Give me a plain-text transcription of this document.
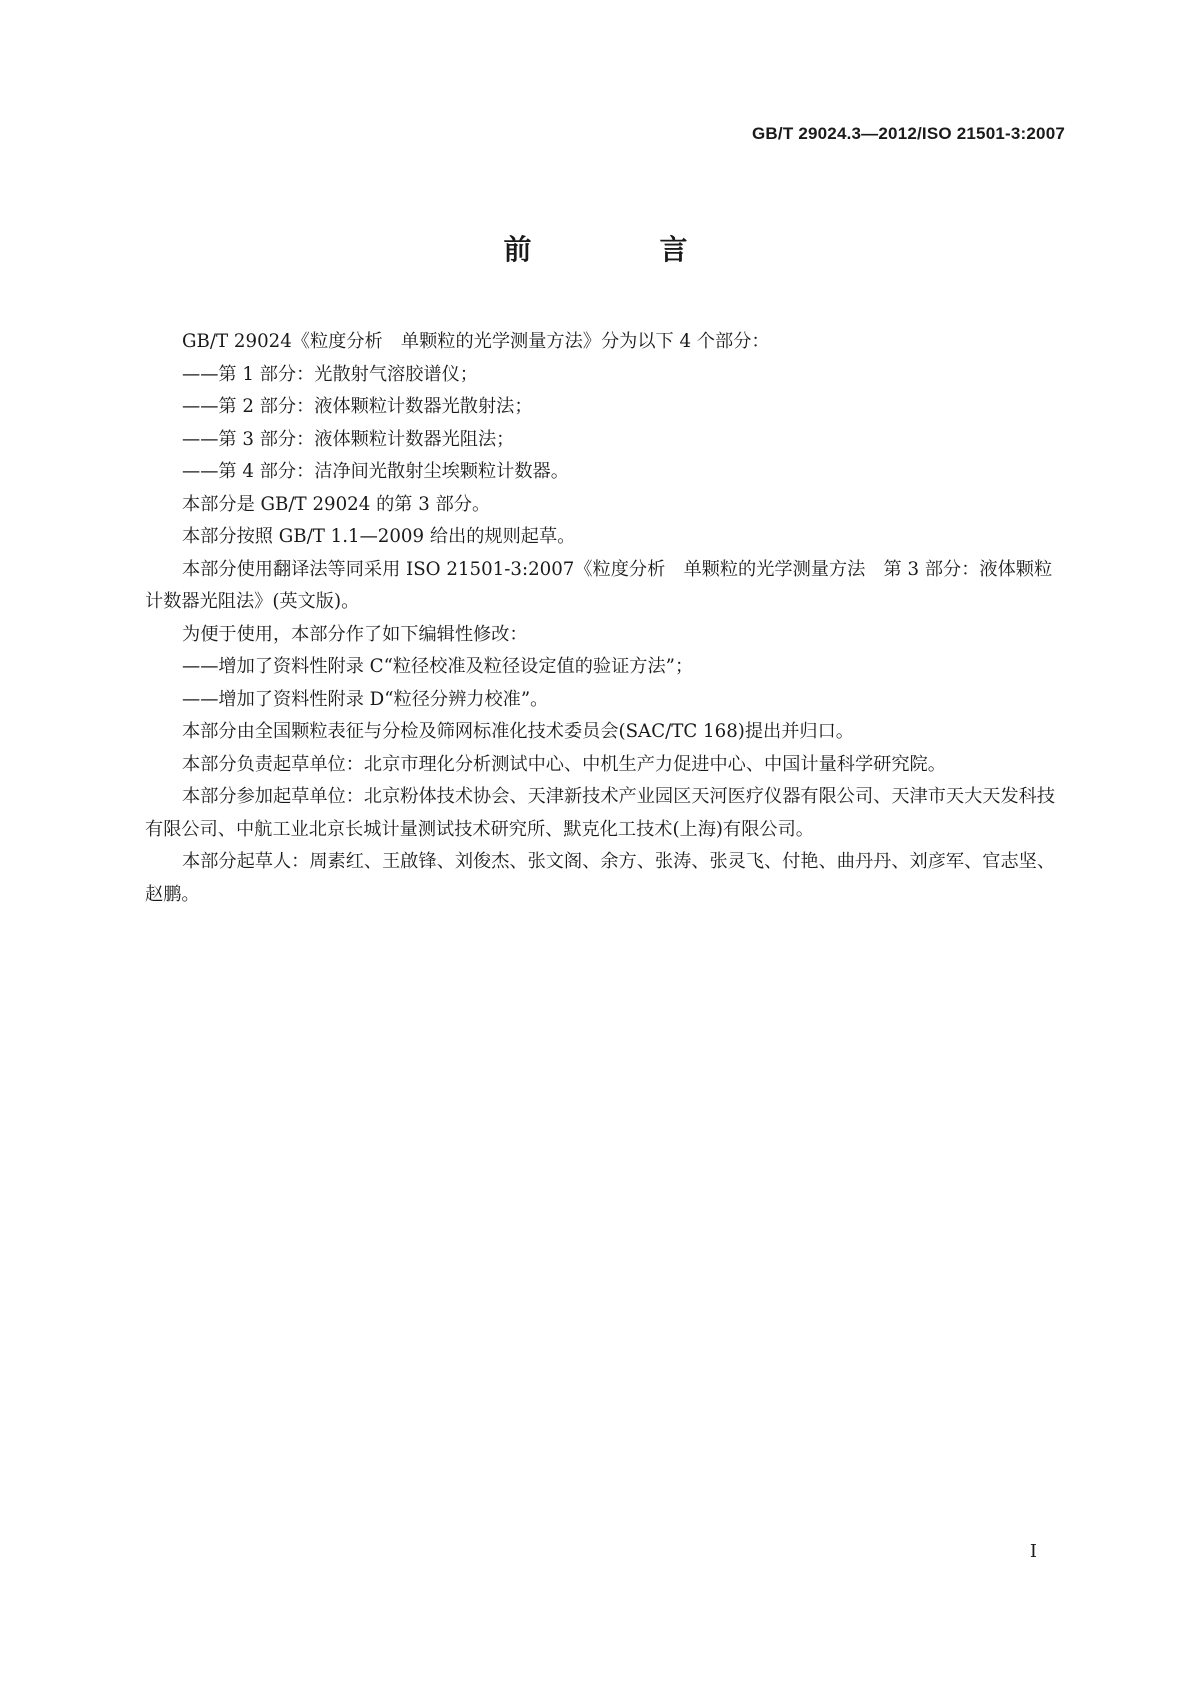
GB/T 29024.3—2012/ISO 21501-3:2007
前　言

GB/T 29024《粒度分析　单颗粒的光学测量方法》分为以下 4 个部分：

——第 1 部分：光散射气溶胶谱仪；

——第 2 部分：液体颗粒计数器光散射法；

——第 3 部分：液体颗粒计数器光阻法；

——第 4 部分：洁净间光散射尘埃颗粒计数器。

本部分是 GB/T 29024 的第 3 部分。

本部分按照 GB/T 1.1—2009 给出的规则起草。

本部分使用翻译法等同采用 ISO 21501-3:2007《粒度分析　单颗粒的光学测量方法　第 3 部分：液体颗粒计数器光阻法》(英文版)。

为便于使用，本部分作了如下编辑性修改：

——增加了资料性附录 C“粒径校准及粒径设定值的验证方法”；

——增加了资料性附录 D“粒径分辨力校准”。

本部分由全国颗粒表征与分检及筛网标准化技术委员会(SAC/TC 168)提出并归口。

本部分负责起草单位：北京市理化分析测试中心、中机生产力促进中心、中国计量科学研究院。

本部分参加起草单位：北京粉体技术协会、天津新技术产业园区天河医疗仪器有限公司、天津市天大天发科技有限公司、中航工业北京长城计量测试技术研究所、默克化工技术(上海)有限公司。

本部分起草人：周素红、王啟锋、刘俊杰、张文阁、余方、张涛、张灵飞、付艳、曲丹丹、刘彦军、官志坚、赵鹏。

I
